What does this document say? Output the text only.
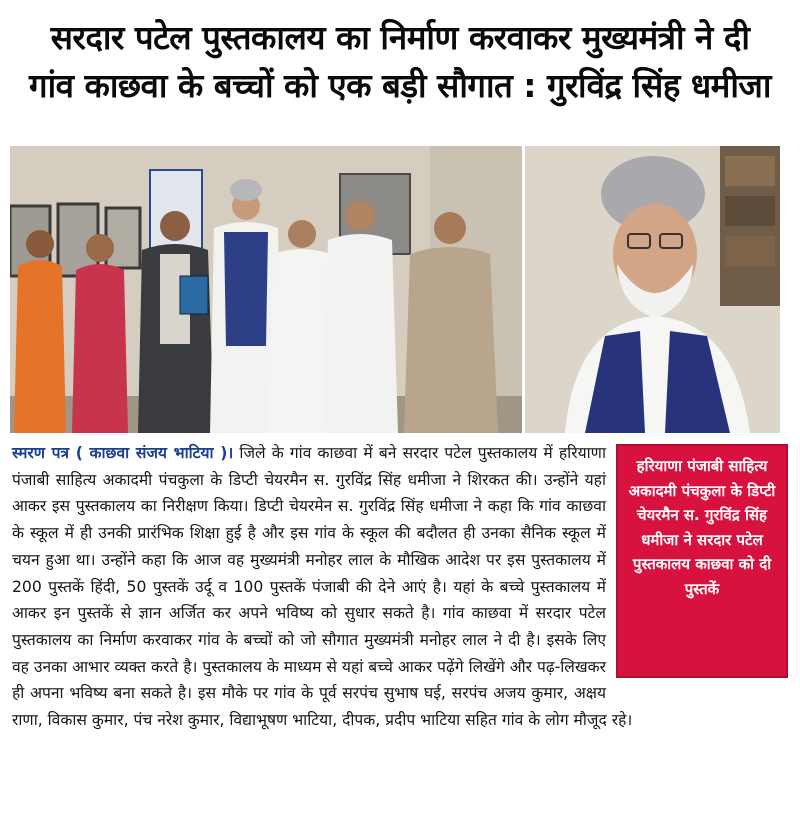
सरदार पटेल पुस्तकालय का निर्माण करवाकर मुख्यमंत्री ने दी
गांव काछवा के बच्चों को एक बड़ी सौगात : गुरविंद्र सिंह धमीजा
हरियाणा पंजाबी साहित्य अकादमी पंचकुला के डिप्टी चेयरमैन स. गुरविंद्र सिंह धमीजा ने सरदार पटेल पुस्तकालय काछवा को दी पुस्तकें
स्मरण पत्र ( काछवा संजय भाटिया )। जिले के गांव काछवा में बने सरदार पटेल पुस्तकालय में हरियाणा पंजाबी साहित्य अकादमी पंचकुला के डिप्टी चेयरमैन स. गुरविंद्र सिंह धमीजा ने शिरकत की। उन्होंने यहां आकर इस पुस्तकालय का निरीक्षण किया। डिप्टी चेयरमेन स. गुरविंद्र सिंह धमीजा ने कहा कि गांव काछवा के स्कूल में ही उनकी प्रारंभिक शिक्षा हुई है और इस गांव के स्कूल की बदौलत ही उनका सैनिक स्कूल में चयन हुआ था। उन्होंने कहा कि आज वह मुख्यमंत्री मनोहर लाल के मौखिक आदेश पर इस पुस्तकालय में 200 पुस्तकें हिंदी, 50 पुस्तकें उर्दू व 100 पुस्तकें पंजाबी की देने आएं है। यहां के बच्चे पुस्तकालय में आकर इन पुस्तकें से ज्ञान अर्जित कर अपने भविष्य को सुधार सकते है। गांव काछवा में सरदार पटेल पुस्तकालय का निर्माण करवाकर गांव के बच्चों को जो सौगात मुख्यमंत्री मनोहर लाल ने दी है। इसके लिए वह उनका आभार व्यक्त करते है। पुस्तकालय के माध्यम से यहां बच्चे आकर पढ़ेंगे लिखेंगे और पढ़-लिखकर ही अपना भविष्य बना सकते है। इस मौके पर गांव के पूर्व सरपंच सुभाष घई, सरपंच अजय कुमार, अक्षय राणा, विकास कुमार, पंच नरेश कुमार, विद्याभूषण भाटिया, दीपक, प्रदीप भाटिया सहित गांव के लोग मौजूद रहे।
